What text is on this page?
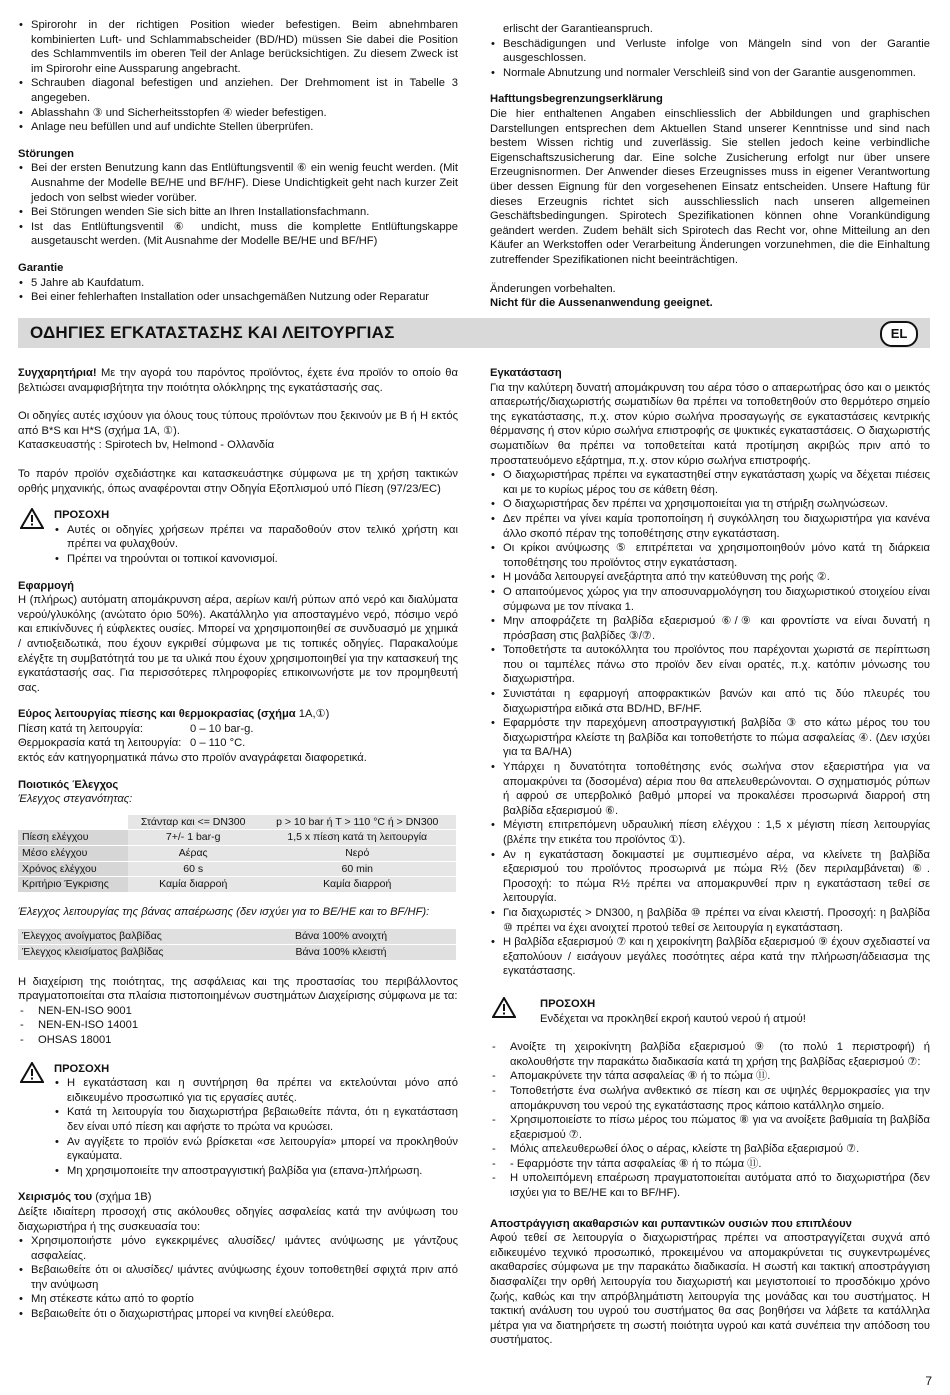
• Spirorohr in der richtigen Position wieder befestigen. Beim abnehmbaren kombinierten Luft- und Schlammabscheider (BD/HD) müssen Sie dabei die Position des Schlammventils im oberen Teil der Anlage berücksichtigen. Zu diesem Zweck ist im Spirorohr eine Aussparung angebracht.
• Schrauben diagonal befestigen und anziehen. Der Drehmoment ist in Tabelle 3 angegeben.
• Ablasshahn ③ und Sicherheitsstopfen ④ wieder befestigen.
• Anlage neu befüllen und auf undichte Stellen überprüfen.

Störungen

• Bei der ersten Benutzung kann das Entlüftungsventil ⑥ ein wenig feucht werden. (Mit Ausnahme der Modelle BE/HE und BF/HF). Diese Undichtigkeit geht nach kurzer Zeit jedoch von selbst wieder vorüber.
• Bei Störungen wenden Sie sich bitte an Ihren Installationsfachmann.
• Ist das Entlüftungsventil ⑥ undicht, muss die komplette Entlüftungskappe ausgetauscht werden. (Mit Ausnahme der Modelle BE/HE und BF/HF)

Garantie

• 5 Jahre ab Kaufdatum.
• Bei einer fehlerhaften Installation oder unsachgemäßen Nutzung oder Reparatur

erlischt der Garantieanspruch.

• Beschädigungen und Verluste infolge von Mängeln sind von der Garantie ausgeschlossen.
• Normale Abnutzung und normaler Verschleiß sind von der Garantie ausgenommen.

Hafttungsbegrenzungserklärung

Die hier enthaltenen Angaben einschliesslich der Abbildungen und graphischen Darstellungen entsprechen dem Aktuellen Stand unserer Kenntnisse und sind nach bestem Wissen richtig und zuverlässig. Sie stellen jedoch keine verbindliche Eigenschaftszusicherung dar. Eine solche Zusicherung erfolgt nur über unsere Erzeugnisnormen. Der Anwender dieses Erzeugnisses muss in eigener Verantwortung über dessen Eignung für den vorgesehenen Einsatz entscheiden. Unsere Haftung für dieses Erzeugnis richtet sich ausschliesslich nach unseren allgemeinen Geschäftsbedingungen. Spirotech Spezifikationen können ohne Vorankündigung geändert werden. Zudem behält sich Spirotech das Recht vor, ohne Mitteilung an den Käufer an Werkstoffen oder Verarbeitung Änderungen vorzunehmen, die die Einhaltung zutreffender Spezifikationen nicht beeinträchtigen.

Änderungen vorbehalten.

Nicht für die Aussenanwendung geeignet.

ΟΔΗΓΙΕΣ ΕΓΚΑΤΑΣΤΑΣΗΣ ΚΑΙ ΛΕΙΤΟΥΡΓΙΑΣ	EL

Συγχαρητήρια! Με την αγορά του παρόντος προϊόντος, έχετε ένα προϊόν το οποίο θα βελτιώσει αναμφισβήτητα την ποιότητα ολόκληρης της εγκατάστασής σας.

Οι οδηγίες αυτές ισχύουν για όλους τους τύπους προϊόντων που ξεκινούν με B ή H εκτός από B*S και H*S (σχήμα 1A, ①).

Κατασκευαστής : Spirotech bv, Helmond - Ολλανδία

Το παρόν προϊόν σχεδιάστηκε και κατασκευάστηκε σύμφωνα με τη χρήση τακτικών ορθής μηχανικής, όπως αναφέρονται στην Οδηγία Εξοπλισμού υπό Πίεση (97/23/EC)

ΠΡΟΣΟΧΗ
• Αυτές οι οδηγίες χρήσεων πρέπει να παραδοθούν στον τελικό χρήστη και πρέπει να φυλαχθούν.
• Πρέπει να τηρούνται οι τοπικοί κανονισμοί.

Εφαρμογή

Η (πλήρως) αυτόματη απομάκρυνση αέρα, αερίων και/ή ρύπων από νερό και διαλύματα νερού/γλυκόλης (ανώτατο όριο 50%). Ακατάλληλο για αποσταγμένο νερό, πόσιμο νερό και επικίνδυνες ή εύφλεκτες ουσίες. Μπορεί να χρησιμοποιηθεί σε συνδυασμό με χημικά / αντιοξειδωτικά, που έχουν εγκριθεί σύμφωνα με τις τοπικές οδηγίες. Παρακαλούμε ελέγξτε τη συμβατότητά του με τα υλικά που έχουν χρησιμοποιηθεί για την κατασκευή της εγκατάστασής σας. Για περισσότερες πληροφορίες επικοινωνήστε με τον προμηθευτή σας.

Εύρος λειτουργίας πίεσης και θερμοκρασίας (σχήμα 1A,①)

Πίεση κατά τη λειτουργία:	0 – 10 bar-g.
Θερμοκρασία κατά τη λειτουργία: 0 – 110 °C.

εκτός εάν κατηγορηματικά πάνω στο προϊόν αναγράφεται διαφορετικά.

Ποιοτικός Έλεγχος

Έλεγχος στεγανότητας:

	Στάνταρ και <= DN300	p > 10 bar ή T > 110 °C ή > DN300
Πίεση ελέγχου	7+/- 1 bar-g	1,5 x πίεση κατά τη λειτουργία
Μέσο ελέγχου	Αέρας	Νερό
Χρόνος ελέγχου	60 s	60 min
Κριτήριο Έγκρισης	Καμία διαρροή	Καμία διαρροή

Έλεγχος λειτουργίας της βάνας απαέρωσης (δεν ισχύει για το BE/HE και το BF/HF):

Έλεγχος ανοίγματος βαλβίδας	Βάνα 100% ανοιχτή
Έλεγχος κλεισίματος βαλβίδας	Βάνα 100% κλειστή

Η διαχείριση της ποιότητας, της ασφάλειας και της προστασίας του περιβάλλοντος πραγματοποιείται στα πλαίσια πιστοποιημένων συστημάτων Διαχείρισης σύμφωνα με τα:

- NEN-EN-ISO 9001
- NEN-EN-ISO 14001
- OHSAS 18001
ΠΡΟΣΟΧΗ
• Η εγκατάσταση και η συντήρηση θα πρέπει να εκτελούνται μόνο από ειδικευμένο προσωπικό για τις εργασίες αυτές.
• Κατά τη λειτουργία του διαχωριστήρα βεβαιωθείτε πάντα, ότι η εγκατάσταση δεν είναι υπό πίεση και αφήστε το πρώτα να κρυώσει.
• Αν αγγίξετε το προϊόν ενώ βρίσκεται «σε λειτουργία» μπορεί να προκληθούν εγκαύματα.
• Μη χρησιμοποιείτε την αποστραγγιστική βαλβίδα για (επανα-)πλήρωση.

Χειρισμός του (σχήμα 1B)

Δείξτε ιδιαίτερη προσοχή στις ακόλουθες οδηγίες ασφαλείας κατά την ανύψωση του διαχωριστήρα ή της συσκευασία του:

• Χρησιμοποιήστε μόνο εγκεκριμένες αλυσίδες/ ιμάντες ανύψωσης με γάντζους ασφαλείας.
• Βεβαιωθείτε ότι οι αλυσίδες/ ιμάντες ανύψωσης έχουν τοποθετηθεί σφιχτά πριν από την ανύψωση
• Μη στέκεστε κάτω από το φορτίο
• Βεβαιωθείτε ότι ο διαχωριστήρας μπορεί να κινηθεί ελεύθερα.

Εγκατάσταση

Για την καλύτερη δυνατή απομάκρυνση του αέρα τόσο ο απαερωτήρας όσο και ο μεικτός απαερωτής/διαχωριστής σωματιδίων θα πρέπει να τοποθετηθούν στο θερμότερο σημείο της εγκατάστασης, π.χ. στον κύριο σωλήνα προσαγωγής σε εγκαταστάσεις κεντρικής θέρμανσης ή στον κύριο σωλήνα επιστροφής σε ψυκτικές εγκαταστάσεις. Ο διαχωριστής σωματιδίων θα πρέπει να τοποθετείται κατά προτίμηση ακριβώς πριν από το προστατευόμενο εξάρτημα, π.χ. στον κύριο σωλήνα επιστροφής.

• Ο διαχωριστήρας πρέπει να εγκαταστηθεί στην εγκατάσταση χωρίς να δέχεται πιέσεις και με το κυρίως μέρος του σε κάθετη θέση.
• Ο διαχωριστήρας δεν πρέπει να χρησιμοποιείται για τη στήριξη σωληνώσεων.
• Δεν πρέπει να γίνει καμία τροποποίηση ή συγκόλληση του διαχωριστήρα για κανένα άλλο σκοπό πέραν της τοποθέτησης στην εγκατάσταση.
• Οι κρίκοι ανύψωσης ⑤ επιτρέπεται να χρησιμοποιηθούν μόνο κατά τη διάρκεια τοποθέτησης του προϊόντος στην εγκατάσταση.
• Η μονάδα λειτουργεί ανεξάρτητα από την κατεύθυνση της ροής ②.
• Ο απαιτούμενος χώρος για την αποσυναρμολόγηση του διαχωριστικού στοιχείου είναι σύμφωνα με τον πίνακα 1.
• Μην αποφράζετε τη βαλβίδα εξαερισμού ⑥/⑨ και φροντίστε να είναι δυνατή η πρόσβαση στις βαλβίδες ③/⑦.
• Τοποθετήστε τα αυτοκόλλητα του προϊόντος που παρέχονται χωριστά σε περίπτωση που οι ταμπέλες πάνω στο προϊόν δεν είναι ορατές, π.χ. κατόπιν μόνωσης του διαχωριστήρα.
• Συνιστάται η εφαρμογή αποφρακτικών βανών και από τις δύο πλευρές του διαχωριστήρα ειδικά στα BD/HD, BF/HF.
• Εφαρμόστε την παρεχόμενη αποστραγγιστική βαλβίδα ③ στο κάτω μέρος του του διαχωριστήρα κλείστε τη βαλβίδα και τοποθετήστε το πώμα ασφαλείας ④. (Δεν ισχύει για τα BA/HA)
• Υπάρχει η δυνατότητα τοποθέτησης ενός σωλήνα στον εξαεριστήρα για να απομακρύνει τα (δοσομένα) αέρια που θα απελευθερώνονται. Ο σχηματισμός ρύπων ή αφρού σε υπερβολικό βαθμό μπορεί να προκαλέσει προσωρινά διαρροή στη βαλβίδα εξαερισμού ⑥.
• Μέγιστη επιτρεπόμενη υδραυλική πίεση ελέγχου : 1,5 x μέγιστη πίεση λειτουργίας (βλέπε την ετικέτα του προϊόντος ①).
• Αν η εγκατάσταση δοκιμαστεί με συμπιεσμένο αέρα, να κλείνετε τη βαλβίδα εξαερισμού του προϊόντος προσωρινά με πώμα R½ (δεν περιλαμβάνεται) ⑥. Προσοχή: το πώμα R½ πρέπει να απομακρυνθεί πριν η εγκατάσταση τεθεί σε λειτουργία.
• Για διαχωριστές > DN300, η βαλβίδα ⑩ πρέπει να είναι κλειστή. Προσοχή: η βαλβίδα ⑩ πρέπει να έχει ανοιχτεί προτού τεθεί σε λειτουργία η εγκατάσταση.
• Η βαλβίδα εξαερισμού ⑦ και η χειροκίνητη βαλβίδα εξαερισμού ⑨ έχουν σχεδιαστεί να εξαπολύουν / εισάγουν μεγάλες ποσότητες αέρα κατά την πλήρωση/άδειασμα της εγκατάστασης.
ΠΡΟΣΟΧΗ
Ενδέχεται να προκληθεί εκροή καυτού νερού ή ατμού!
- Ανοίξτε τη χειροκίνητη βαλβίδα εξαερισμού ⑨ (το πολύ 1 περιστροφή) ή ακολουθήστε την παρακάτω διαδικασία κατά τη χρήση της βαλβίδας εξαερισμού ⑦:
- Απομακρύνετε την τάπα ασφαλείας ⑧ ή το πώμα ⑪.
- Τοποθετήστε ένα σωλήνα ανθεκτικό σε πίεση και σε υψηλές θερμοκρασίες για την απομάκρυνση του νερού της εγκατάστασης προς κάποιο κατάλληλο σημείο.
- Χρησιμοποιείστε το πίσω μέρος του πώματος ⑧ για να ανοίξετε βαθμιαία τη βαλβίδα εξαερισμού ⑦.
- Μόλις απελευθερωθεί όλος ο αέρας, κλείστε τη βαλβίδα εξαερισμού ⑦.
- - Εφαρμόστε την τάπα ασφαλείας ⑧ ή το πώμα ⑪.
- Η υπολειπόμενη επαέρωση πραγματοποιείται αυτόματα από το διαχωριστήρα (δεν ισχύει για το BE/HE και το BF/HF).

Αποστράγγιση ακαθαρσιών και ρυπαντικών ουσιών που επιπλέουν

Αφού τεθεί σε λειτουργία ο διαχωριστήρας πρέπει να αποστραγγίζεται συχνά από ειδικευμένο τεχνικό προσωπικό, προκειμένου να απομακρύνεται τις συγκεντρωμένες ακαθαρσίες σύμφωνα με την παρακάτω διαδικασία. Η σωστή και τακτική αποστράγγιση διασφαλίζει την ορθή λειτουργία του διαχωριστή και μεγιστοποιεί το προσδόκιμο χρόνο ζωής, καθώς και την απρόβλημάτιστη λειτουργία της μονάδας και του συστήματος. Η τακτική ανάλυση του υγρού του συστήματος θα σας βοηθήσει να λάβετε τα κατάλληλα μέτρα για να διατηρήσετε τη σωστή ποιότητα υγρού και κατά συνέπεια την απόδοση του συστήματος.

7
